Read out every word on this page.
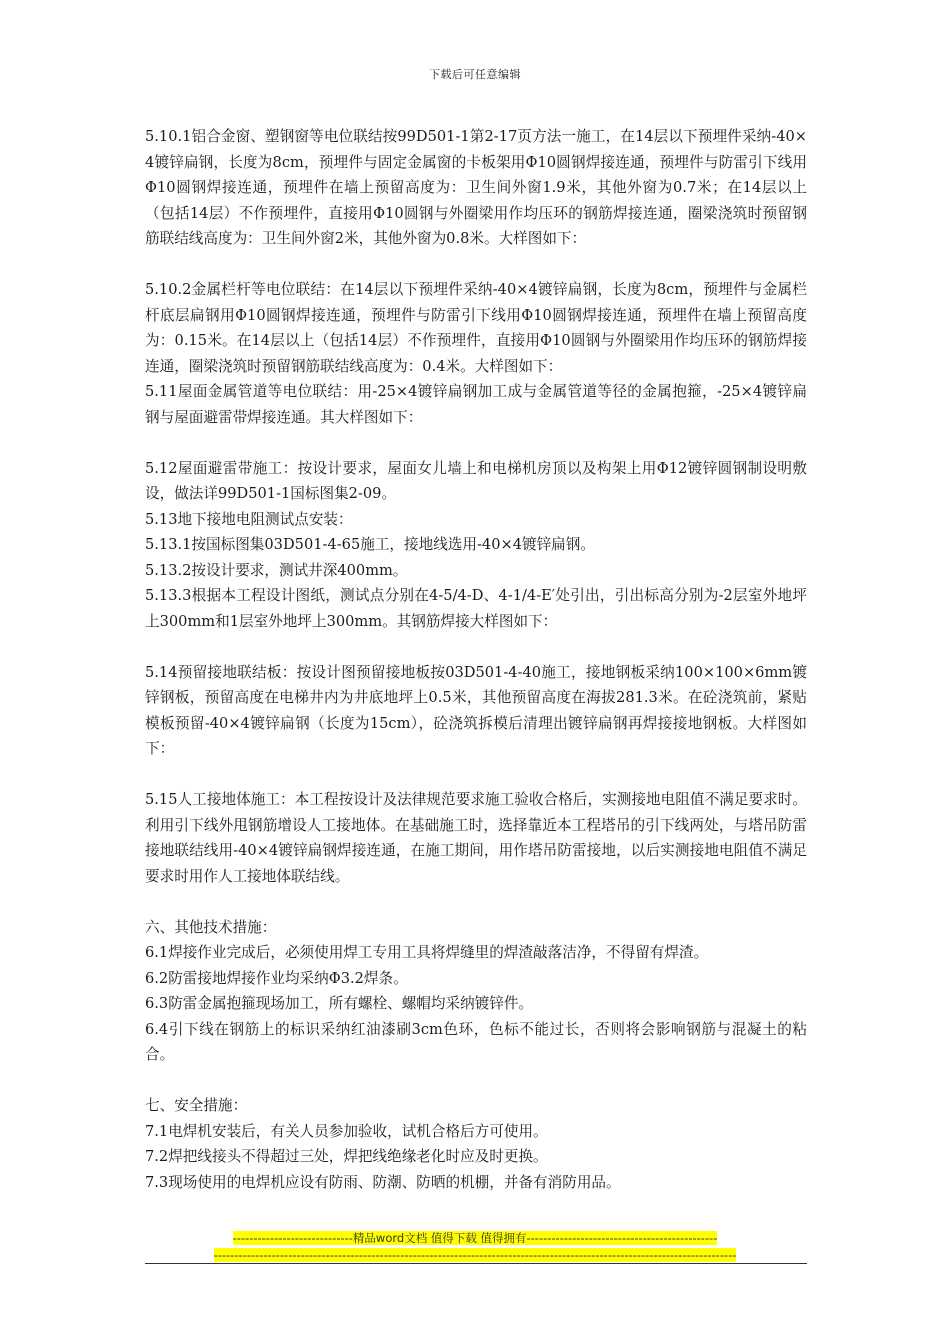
下载后可任意编辑

5.10.1铝合金窗、塑钢窗等电位联结按99D501-1第2-17页方法一施工，在14层以下预埋件采纳-40×4镀锌扁钢，长度为8cm，预埋件与固定金属窗的卡板架用Φ10圆钢焊接连通，预埋件与防雷引下线用Φ10圆钢焊接连通，预埋件在墙上预留高度为：卫生间外窗1.9米，其他外窗为0.7米；在14层以上（包括14层）不作预埋件，直接用Φ10圆钢与外圈梁用作均压环的钢筋焊接连通，圈梁浇筑时预留钢筋联结线高度为：卫生间外窗2米，其他外窗为0.8米。大样图如下：

5.10.2金属栏杆等电位联结：在14层以下预埋件采纳-40×4镀锌扁钢，长度为8cm，预埋件与金属栏杆底层扁钢用Φ10圆钢焊接连通，预埋件与防雷引下线用Φ10圆钢焊接连通，预埋件在墙上预留高度为：0.15米。在14层以上（包括14层）不作预埋件，直接用Φ10圆钢与外圈梁用作均压环的钢筋焊接连通，圈梁浇筑时预留钢筋联结线高度为：0.4米。大样图如下：

5.11屋面金属管道等电位联结：用-25×4镀锌扁钢加工成与金属管道等径的金属抱箍，-25×4镀锌扁钢与屋面避雷带焊接连通。其大样图如下：

5.12屋面避雷带施工：按设计要求，屋面女儿墙上和电梯机房顶以及构架上用Φ12镀锌圆钢制设明敷设，做法详99D501-1国标图集2-09。

5.13地下接地电阻测试点安装：

5.13.1按国标图集03D501-4-65施工，接地线选用-40×4镀锌扁钢。

5.13.2按设计要求，测试井深400mm。

5.13.3根据本工程设计图纸，测试点分别在4-5/4-D、4-1/4-E′处引出，引出标高分别为-2层室外地坪上300mm和1层室外地坪上300mm。其钢筋焊接大样图如下：

5.14预留接地联结板：按设计图预留接地板按03D501-4-40施工，接地钢板采纳100×100×6mm镀锌钢板，预留高度在电梯井内为井底地坪上0.5米，其他预留高度在海拔281.3米。在砼浇筑前，紧贴模板预留-40×4镀锌扁钢（长度为15cm），砼浇筑拆模后清理出镀锌扁钢再焊接接地钢板。大样图如下：

5.15人工接地体施工：本工程按设计及法律规范要求施工验收合格后，实测接地电阻值不满足要求时。利用引下线外甩钢筋增设人工接地体。在基础施工时，选择靠近本工程塔吊的引下线两处，与塔吊防雷接地联结线用-40×4镀锌扁钢焊接连通，在施工期间，用作塔吊防雷接地，以后实测接地电阻值不满足要求时用作人工接地体联结线。

六、其他技术措施：

6.1焊接作业完成后，必须使用焊工专用工具将焊缝里的焊渣敲落洁净，不得留有焊渣。

6.2防雷接地焊接作业均采纳Φ3.2焊条。

6.3防雷金属抱箍现场加工，所有螺栓、螺帽均采纳镀锌件。

6.4引下线在钢筋上的标识采纳红油漆刷3cm色环，色标不能过长，否则将会影响钢筋与混凝土的粘合。

七、安全措施：

7.1电焊机安装后，有关人员参加验收，试机合格后方可使用。

7.2焊把线接头不得超过三处，焊把线绝缘老化时应及时更换。

7.3现场使用的电焊机应设有防雨、防潮、防晒的机棚，并备有消防用品。

-----------------------------精品word文档 值得下载 值得拥有----------------------------------------------
------------------------------------------------------------------------------------------------------------------------------
